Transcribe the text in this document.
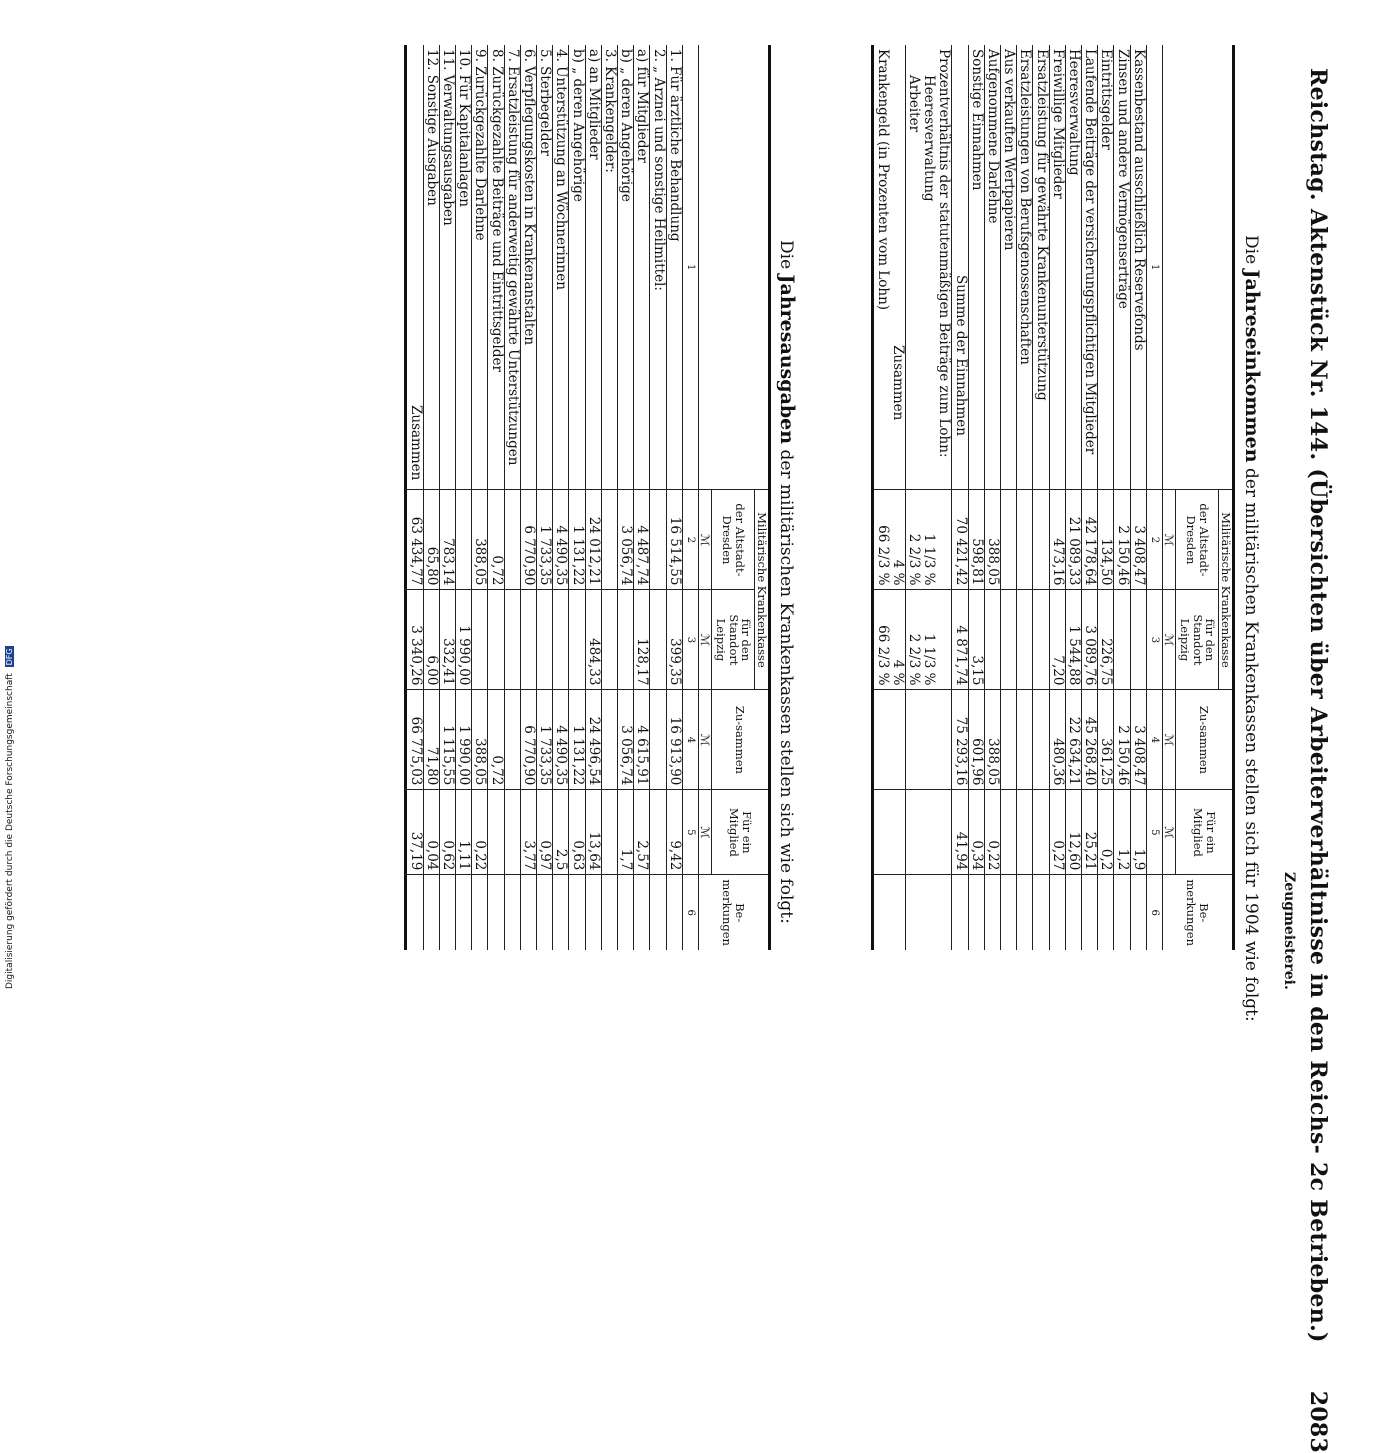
Reichstag. Aktenstück Nr. 144. (Übersichten über Arbeiterverhältnisse in den Reichs- 2c Betrieben.) 2083
Zeugmeisterei.
Die Jahreseinkommen der militärischen Krankenkassen stellen sich für 1904 wie folgt:
	Militärische Krankenkasse		Zu-sammen	Für ein Mitglied	Be-merkungen
	der Altstadt-Dresden	für den Standort Leipzig			
	ℳ	ℳ	ℳ	ℳ	
1	2	3	4	5	6
Kassenbestand ausschließlich Reservefonds	3 408,47		3 408,47	1,9	
Zinsen und andere Vermögenserträge	2 150,46		2 150,46	1,2	
Eintrittsgelder	134,50	226,75	361,25	0,2	
Laufende Beiträge der versicherungspflichtigen Mitglieder	42 178,64	3 089,76	45 268,40	25,21	
Heeresverwaltung	21 089,33	1 544,88	22 634,21	12,60	
Freiwillige Mitglieder	473,16	7,20	480,36	0,27	
Ersatzleistung für gewährte Krankenunterstützung					
Ersatzleistungen von Berufsgenossenschaften					
Aus verkauften Wertpapieren					
Aufgenommene Darlehne	388,05		388,05	0,22	
Sonstige Einnahmen	598,81	3,15	601,96	0,34	
Summe der Einnahmen	70 421,42	4 871,74	75 293,16	41,94	
Prozentverhältnis der statutenmäßigen Beiträge zum Lohn:					
Heeresverwaltung	1 1/3 %	1 1/3 %			
Arbeiter	2 2/3 %	2 2/3 %			
Zusammen	4 %	4 %			
Krankengeld (in Prozenten vom Lohn)	66 2/3 %	66 2/3 %			
Die Jahresausgaben der militärischen Krankenkassen stellen sich wie folgt:
	Militärische Krankenkasse		Zu-sammen	Für ein Mitglied	Be-merkungen
	der Altstadt-Dresden	für den Standort Leipzig			
	ℳ	ℳ	ℳ	ℳ	
1	2	3	4	5	6
1. Für ärztliche Behandlung	16 514,55	399,35	16 913,90	9,42	
2. „ Arznei und sonstige Heilmittel:					
a) für Mitglieder	4 487,74	128,17	4 615,91	2,57	
b) „ deren Angehörige	3 056,74		3 056,74	1,7	
3. Krankengelder:					
a) an Mitglieder	24 012,21	484,33	24 496,54	13,64	
b) „ deren Angehörige	1 131,22		1 131,22	0,63	
4. Unterstützung an Wöchnerinnen	4 490,35		4 490,35	2,5	
5. Sterbegelder	1 733,35		1 733,35	0,97	
6. Verpflegungskosten in Krankenanstalten	6 770,90		6 770,90	3,77	
7. Ersatzleistung für anderweitig gewährte Unterstützungen					
8. Zurückgezahlte Beiträge und Eintrittsgelder	0,72		0,72		
9. Zurückgezahlte Darlehne	388,05		388,05	0,22	
10. Für Kapitalanlagen		1 990,00	1 990,00	1,11	
11. Verwaltungsausgaben	783,14	332,41	1 115,55	0,62	
12. Sonstige Ausgaben	65,80	6,00	71,80	0,04	
Zusammen	63 434,77	3 340,26	66 775,03	37,19	
Digitalisierung gefördert durch die Deutsche Forschungsgemeinschaft DFG
